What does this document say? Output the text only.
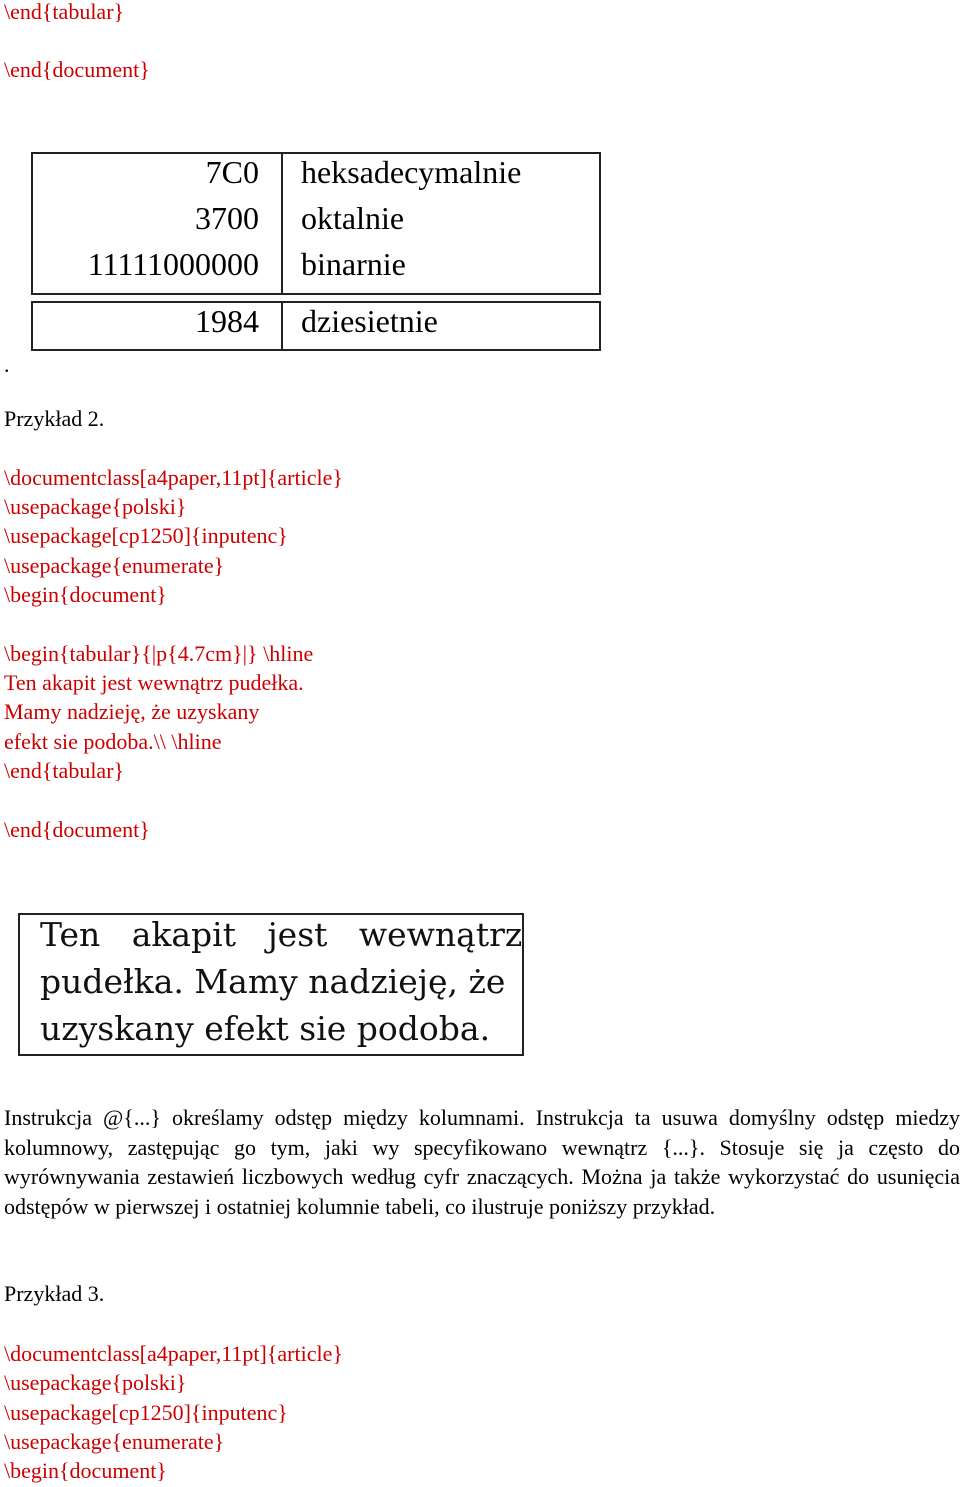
\end{tabular}
\end{document}
7C0	heksadecymalnie
3700	oktalnie
11111000000	binarnie
1984	dziesietnie
.
Przykład 2.
\documentclass[a4paper,11pt]{article}
\usepackage{polski}
\usepackage[cp1250]{inputenc}
\usepackage{enumerate}
\begin{document}
\begin{tabular}{|p{4.7cm}|} \hline
Ten akapit jest wewnątrz pudełka.
Mamy nadzieję, że uzyskany
efekt sie podoba.\\ \hline
\end{tabular}
\end{document}
Ten   akapit   jest   wewnątrz
pudełka. Mamy nadzieję, że
uzyskany efekt sie podoba.
Instrukcja @{...} określamy odstęp między kolumnami. Instrukcja ta usuwa domyślny odstęp miedzy kolumnowy, zastępując go tym, jaki wy specyfikowano wewnątrz {...}. Stosuje się ja często do wyrównywania zestawień liczbowych według cyfr znaczących. Można ja także wykorzystać do usunięcia odstępów w pierwszej i ostatniej kolumnie tabeli, co ilustruje poniższy przykład.
Przykład 3.
\documentclass[a4paper,11pt]{article}
\usepackage{polski}
\usepackage[cp1250]{inputenc}
\usepackage{enumerate}
\begin{document}
